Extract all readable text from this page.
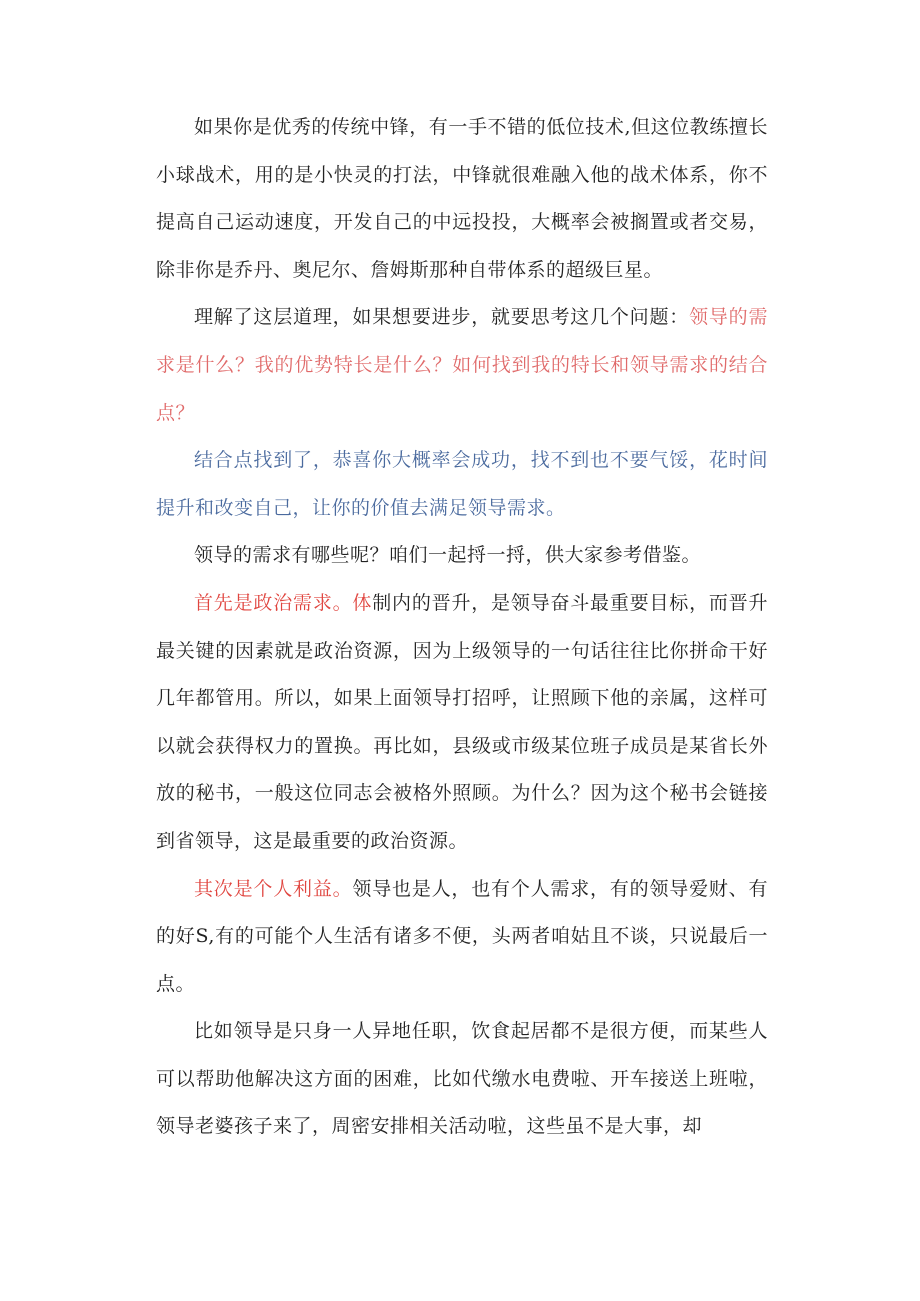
如果你是优秀的传统中锋，有一手不错的低位技术,但这位教练擅长小球战术，用的是小快灵的打法，中锋就很难融入他的战术体系，你不提高自己运动速度，开发自己的中远投投，大概率会被搁置或者交易，除非你是乔丹、奥尼尔、詹姆斯那种自带体系的超级巨星。

理解了这层道理，如果想要进步，就要思考这几个问题：领导的需求是什么？我的优势特长是什么？如何找到我的特长和领导需求的结合点？

结合点找到了，恭喜你大概率会成功，找不到也不要气馁，花时间提升和改变自己，让你的价值去满足领导需求。

领导的需求有哪些呢？咱们一起捋一捋，供大家参考借鉴。

首先是政治需求。体制内的晋升，是领导奋斗最重要目标，而晋升最关键的因素就是政治资源，因为上级领导的一句话往往比你拼命干好几年都管用。所以，如果上面领导打招呼，让照顾下他的亲属，这样可以就会获得权力的置换。再比如，县级或市级某位班子成员是某省长外放的秘书，一般这位同志会被格外照顾。为什么？因为这个秘书会链接到省领导，这是最重要的政治资源。

其次是个人利益。领导也是人，也有个人需求，有的领导爱财、有的好S,有的可能个人生活有诸多不便，头两者咱姑且不谈，只说最后一点。

比如领导是只身一人异地任职，饮食起居都不是很方便，而某些人可以帮助他解决这方面的困难，比如代缴水电费啦、开车接送上班啦，领导老婆孩子来了，周密安排相关活动啦，这些虽不是大事，却
